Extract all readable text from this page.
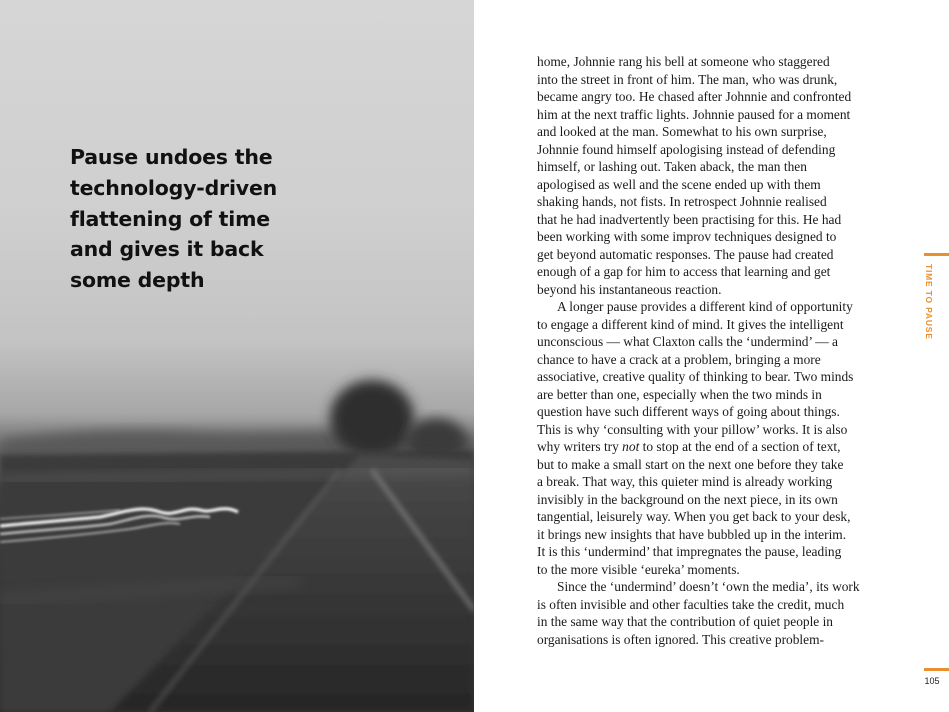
Pause undoes the
technology-driven
flattening of time
and gives it back
some depth
home, Johnnie rang his bell at someone who staggered
into the street in front of him. The man, who was drunk,
became angry too. He chased after Johnnie and confronted
him at the next traffic lights. Johnnie paused for a moment
and looked at the man. Somewhat to his own surprise,
Johnnie found himself apologising instead of defending
himself, or lashing out. Taken aback, the man then
apologised as well and the scene ended up with them
shaking hands, not fists. In retrospect Johnnie realised
that he had inadvertently been practising for this. He had
been working with some improv techniques designed to
get beyond automatic responses. The pause had created
enough of a gap for him to access that learning and get
beyond his instantaneous reaction.
A longer pause provides a different kind of opportunity
to engage a different kind of mind. It gives the intelligent
unconscious — what Claxton calls the ‘undermind’ — a
chance to have a crack at a problem, bringing a more
associative, creative quality of thinking to bear. Two minds
are better than one, especially when the two minds in
question have such different ways of going about things.
This is why ‘consulting with your pillow’ works. It is also
why writers try not to stop at the end of a section of text,
but to make a small start on the next one before they take
a break. That way, this quieter mind is already working
invisibly in the background on the next piece, in its own
tangential, leisurely way. When you get back to your desk,
it brings new insights that have bubbled up in the interim.
It is this ‘undermind’ that impregnates the pause, leading
to the more visible ‘eureka’ moments.
Since the ‘undermind’ doesn’t ‘own the media’, its work
is often invisible and other faculties take the credit, much
in the same way that the contribution of quiet people in
organisations is often ignored. This creative problem-
TIME TO PAUSE
105
